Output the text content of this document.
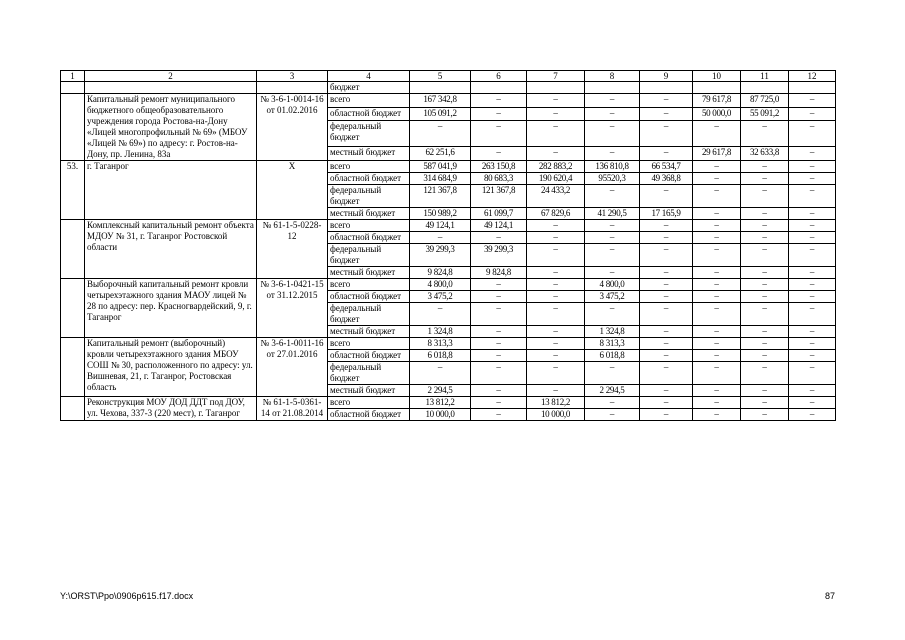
1	2	3	4	5	6	7	8	9	10	11	12
			бюджет								
	Капитальный ремонт муниципального бюджетного общеобразовательного учреждения города Ростова-на-Дону «Лицей многопрофильный № 69» (МБОУ «Лицей № 69») по адресу: г. Ростов-на-Дону, пр. Ленина, 83а	№ 3-6-1-0014-16 от 01.02.2016	всего	167 342,8	–	–	–	–	79 617,8	87 725,0	–
			областной бюджет	105 091,2	–	–	–	–	50 000,0	55 091,2	–
			федеральный бюджет	–	–	–	–	–	–	–	–
			местный бюджет	62 251,6	–	–	–	–	29 617,8	32 633,8	–
53.	г. Таганрог	Х	всего	587 041,9	263 150,8	282 883,2	136 810,8	66 534,7	–	–	–
			областной бюджет	314 684,9	80 683,3	190 620,4	95520,3	49 368,8	–	–	–
			федеральный бюджет	121 367,8	121 367,8	24 433,2	–	–	–	–	–
			местный бюджет	150 989,2	61 099,7	67 829,6	41 290,5	17 165,9	–	–	–
	Комплексный капитальный ремонт объекта МДОУ № 31, г. Таганрог Ростовской области	№ 61-1-5-0228-12	всего	49 124,1	49 124,1	–	–	–	–	–	–
			областной бюджет	–	–	–	–	–	–	–	–
			федеральный бюджет	39 299,3	39 299,3	–	–	–	–	–	–
			местный бюджет	9 824,8	9 824,8	–	–	–	–	–	–
	Выборочный капитальный ремонт кровли четырехэтажного здания МАОУ лицей № 28 по адресу: пер. Красногвардейский, 9, г. Таганрог	№ 3-6-1-0421-15 от 31.12.2015	всего	4 800,0	–	–	4 800,0	–	–	–	–
			областной бюджет	3 475,2	–	–	3 475,2	–	–	–	–
			федеральный бюджет	–	–	–	–	–	–	–	–
			местный бюджет	1 324,8	–	–	1 324,8	–	–	–	–
	Капитальный ремонт (выборочный) кровли четырехэтажного здания МБОУ СОШ № 30, расположенного по адресу: ул. Вишневая, 21, г. Таганрог, Ростовская область	№ 3-6-1-0011-16 от 27.01.2016	всего	8 313,3	–	–	8 313,3	–	–	–	–
			областной бюджет	6 018,8	–	–	6 018,8	–	–	–	–
			федеральный бюджет	–	–	–	–	–	–	–	–
			местный бюджет	2 294,5	–	–	2 294,5	–	–	–	–
	Реконструкция МОУ ДОД ДДТ под ДОУ, ул. Чехова, 337-3 (220 мест), г. Таганрог	№ 61-1-5-0361-14 от 21.08.2014	всего	13 812,2	–	13 812,2	–	–	–	–	–
			областной бюджет	10 000,0	–	10 000,0	–	–	–	–	–
Y:\ORST\Ppo\0906p615.f17.docx	87
